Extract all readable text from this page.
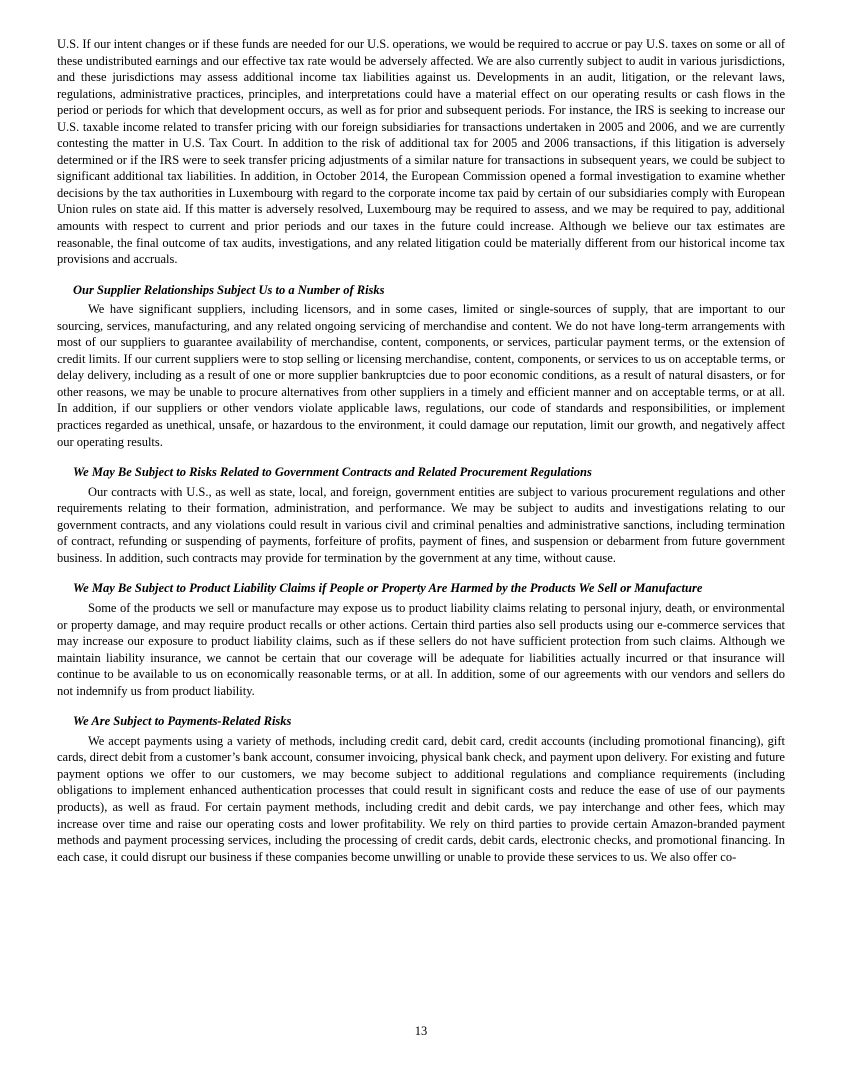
U.S. If our intent changes or if these funds are needed for our U.S. operations, we would be required to accrue or pay U.S. taxes on some or all of these undistributed earnings and our effective tax rate would be adversely affected. We are also currently subject to audit in various jurisdictions, and these jurisdictions may assess additional income tax liabilities against us. Developments in an audit, litigation, or the relevant laws, regulations, administrative practices, principles, and interpretations could have a material effect on our operating results or cash flows in the period or periods for which that development occurs, as well as for prior and subsequent periods. For instance, the IRS is seeking to increase our U.S. taxable income related to transfer pricing with our foreign subsidiaries for transactions undertaken in 2005 and 2006, and we are currently contesting the matter in U.S. Tax Court. In addition to the risk of additional tax for 2005 and 2006 transactions, if this litigation is adversely determined or if the IRS were to seek transfer pricing adjustments of a similar nature for transactions in subsequent years, we could be subject to significant additional tax liabilities. In addition, in October 2014, the European Commission opened a formal investigation to examine whether decisions by the tax authorities in Luxembourg with regard to the corporate income tax paid by certain of our subsidiaries comply with European Union rules on state aid. If this matter is adversely resolved, Luxembourg may be required to assess, and we may be required to pay, additional amounts with respect to current and prior periods and our taxes in the future could increase. Although we believe our tax estimates are reasonable, the final outcome of tax audits, investigations, and any related litigation could be materially different from our historical income tax provisions and accruals.

Our Supplier Relationships Subject Us to a Number of Risks

We have significant suppliers, including licensors, and in some cases, limited or single-sources of supply, that are important to our sourcing, services, manufacturing, and any related ongoing servicing of merchandise and content. We do not have long-term arrangements with most of our suppliers to guarantee availability of merchandise, content, components, or services, particular payment terms, or the extension of credit limits. If our current suppliers were to stop selling or licensing merchandise, content, components, or services to us on acceptable terms, or delay delivery, including as a result of one or more supplier bankruptcies due to poor economic conditions, as a result of natural disasters, or for other reasons, we may be unable to procure alternatives from other suppliers in a timely and efficient manner and on acceptable terms, or at all. In addition, if our suppliers or other vendors violate applicable laws, regulations, our code of standards and responsibilities, or implement practices regarded as unethical, unsafe, or hazardous to the environment, it could damage our reputation, limit our growth, and negatively affect our operating results.

We May Be Subject to Risks Related to Government Contracts and Related Procurement Regulations

Our contracts with U.S., as well as state, local, and foreign, government entities are subject to various procurement regulations and other requirements relating to their formation, administration, and performance. We may be subject to audits and investigations relating to our government contracts, and any violations could result in various civil and criminal penalties and administrative sanctions, including termination of contract, refunding or suspending of payments, forfeiture of profits, payment of fines, and suspension or debarment from future government business. In addition, such contracts may provide for termination by the government at any time, without cause.

We May Be Subject to Product Liability Claims if People or Property Are Harmed by the Products We Sell or Manufacture

Some of the products we sell or manufacture may expose us to product liability claims relating to personal injury, death, or environmental or property damage, and may require product recalls or other actions. Certain third parties also sell products using our e-commerce services that may increase our exposure to product liability claims, such as if these sellers do not have sufficient protection from such claims. Although we maintain liability insurance, we cannot be certain that our coverage will be adequate for liabilities actually incurred or that insurance will continue to be available to us on economically reasonable terms, or at all. In addition, some of our agreements with our vendors and sellers do not indemnify us from product liability.

We Are Subject to Payments-Related Risks

We accept payments using a variety of methods, including credit card, debit card, credit accounts (including promotional financing), gift cards, direct debit from a customer’s bank account, consumer invoicing, physical bank check, and payment upon delivery. For existing and future payment options we offer to our customers, we may become subject to additional regulations and compliance requirements (including obligations to implement enhanced authentication processes that could result in significant costs and reduce the ease of use of our payments products), as well as fraud. For certain payment methods, including credit and debit cards, we pay interchange and other fees, which may increase over time and raise our operating costs and lower profitability. We rely on third parties to provide certain Amazon-branded payment methods and payment processing services, including the processing of credit cards, debit cards, electronic checks, and promotional financing. In each case, it could disrupt our business if these companies become unwilling or unable to provide these services to us. We also offer co-

13
